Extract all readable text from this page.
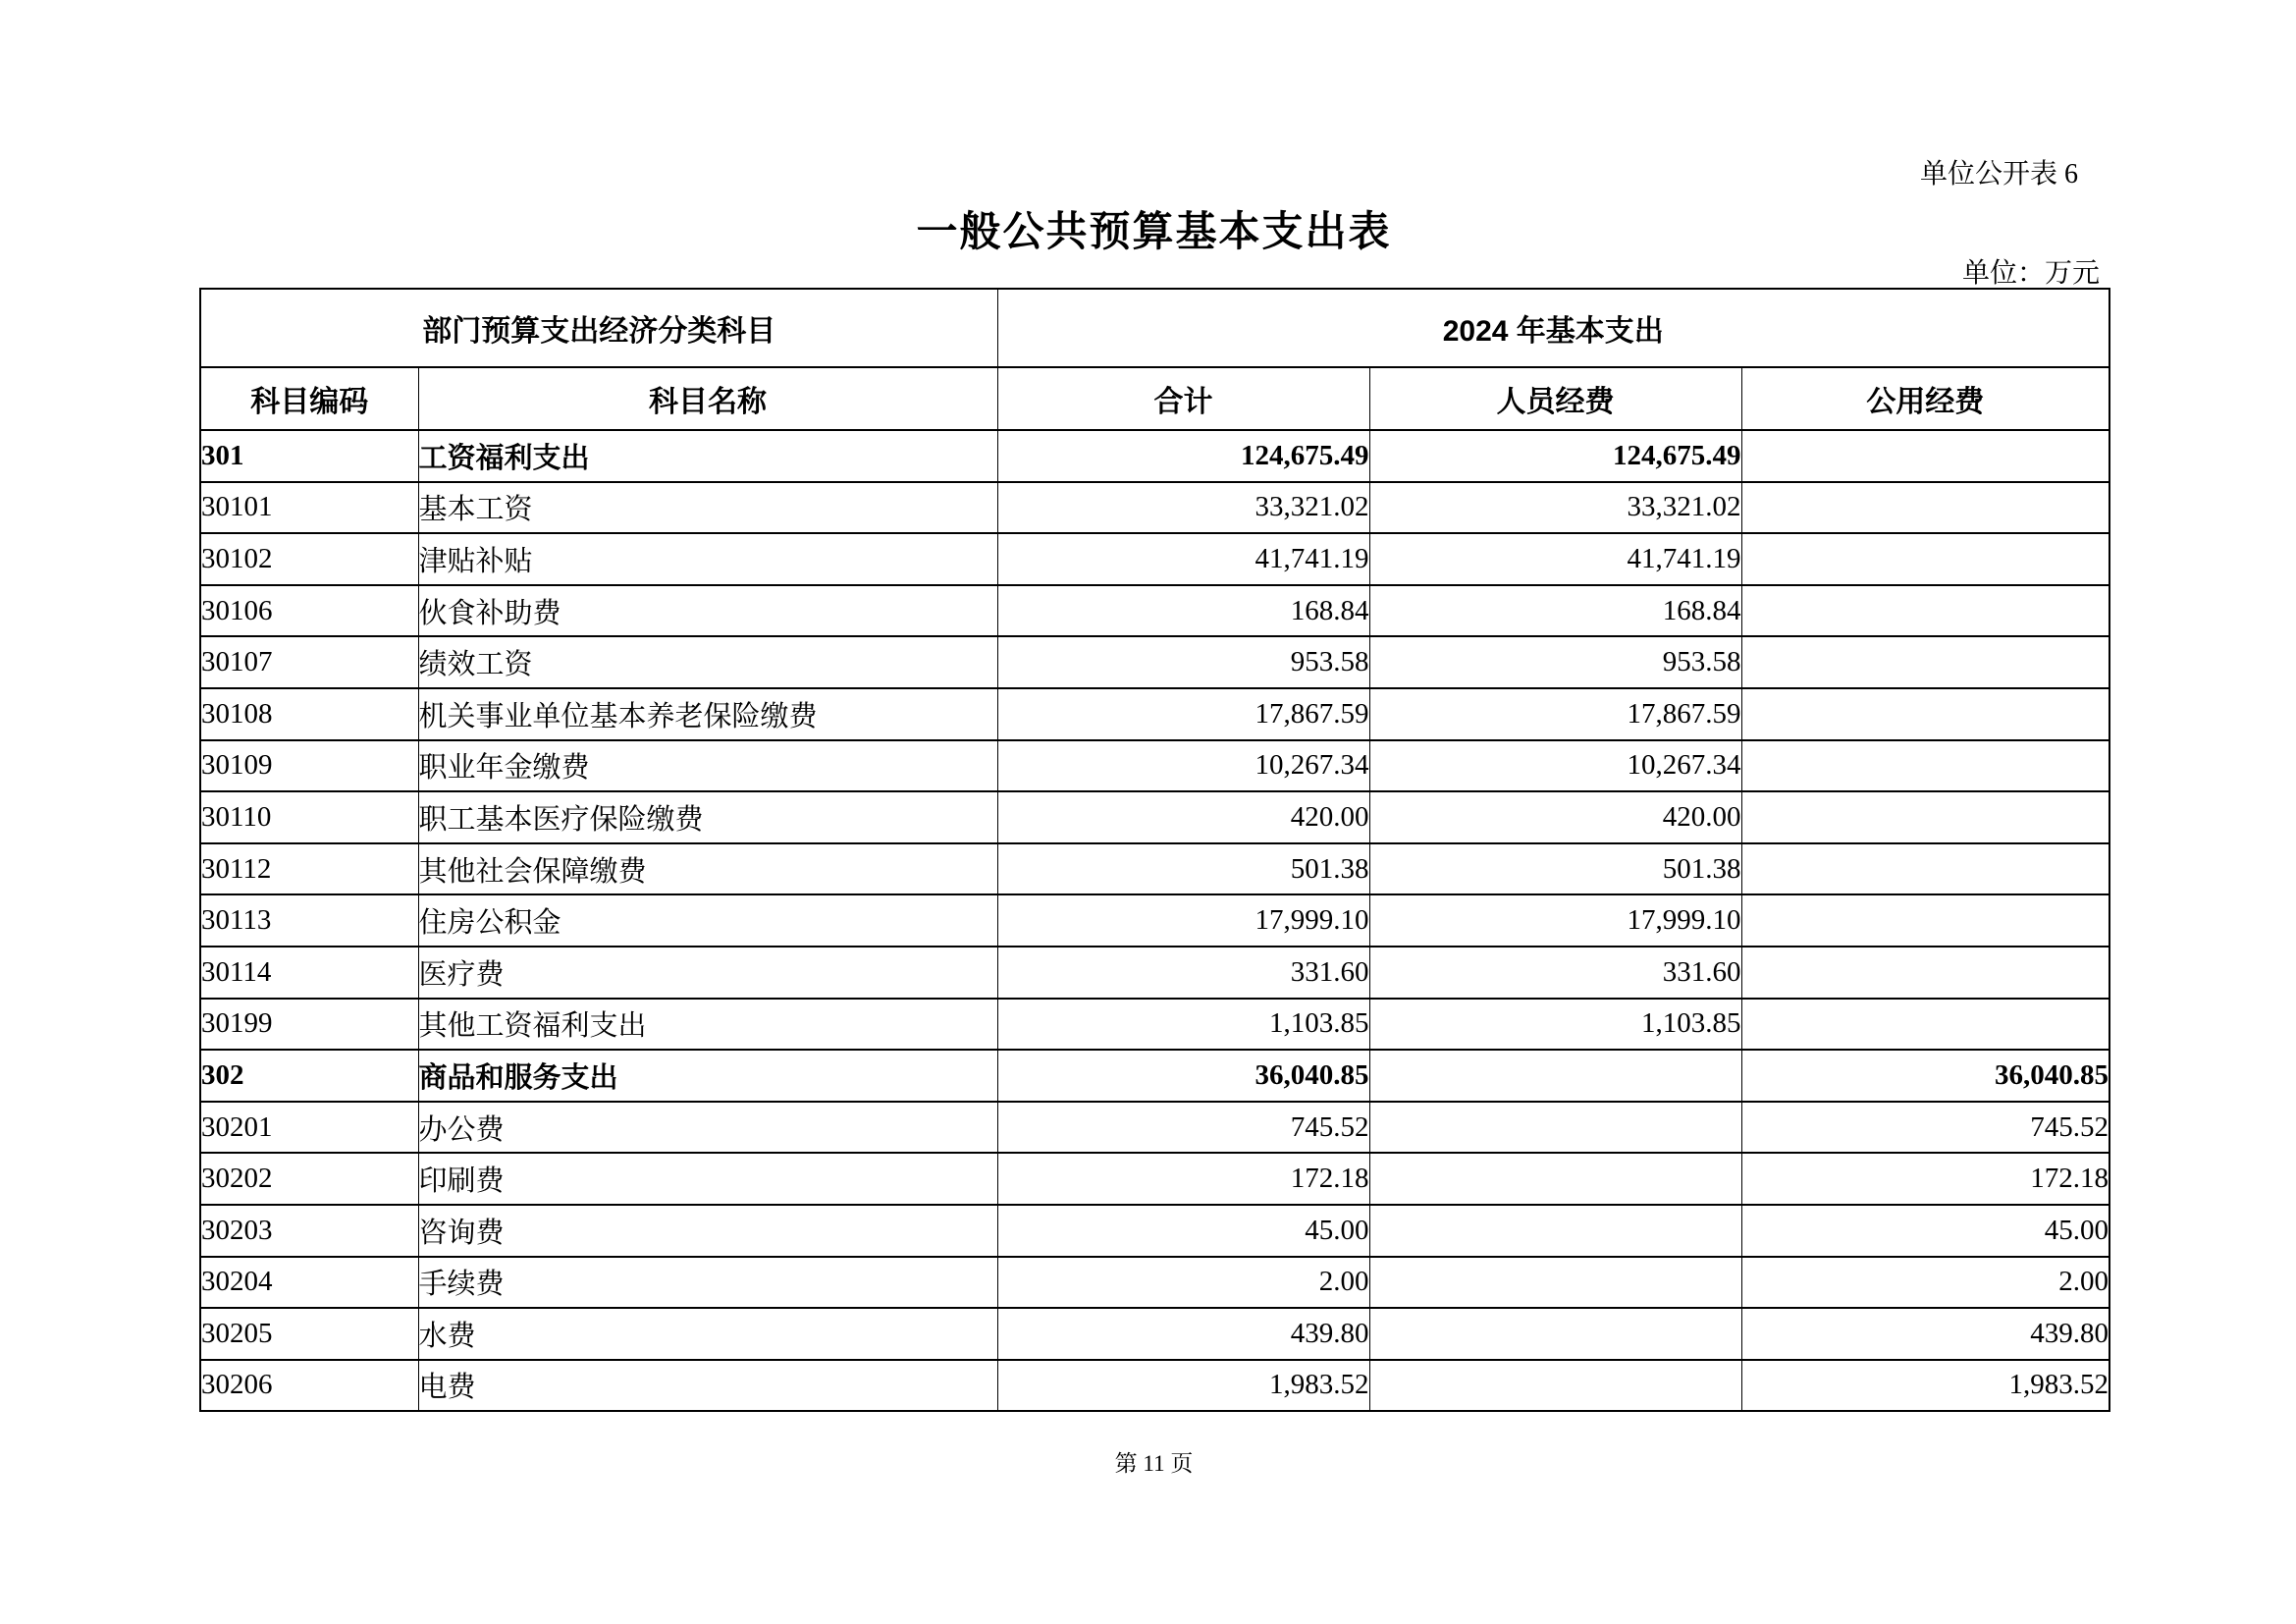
单位公开表 6
一般公共预算基本支出表
单位：万元
部门预算支出经济分类科目		2024 年基本支出		
科目编码	科目名称	合计	人员经费	公用经费
301	工资福利支出	124,675.49	124,675.49	
30101	基本工资	33,321.02	33,321.02	
30102	津贴补贴	41,741.19	41,741.19	
30106	伙食补助费	168.84	168.84	
30107	绩效工资	953.58	953.58	
30108	机关事业单位基本养老保险缴费	17,867.59	17,867.59	
30109	职业年金缴费	10,267.34	10,267.34	
30110	职工基本医疗保险缴费	420.00	420.00	
30112	其他社会保障缴费	501.38	501.38	
30113	住房公积金	17,999.10	17,999.10	
30114	医疗费	331.60	331.60	
30199	其他工资福利支出	1,103.85	1,103.85	
302	商品和服务支出	36,040.85		36,040.85
30201	办公费	745.52		745.52
30202	印刷费	172.18		172.18
30203	咨询费	45.00		45.00
30204	手续费	2.00		2.00
30205	水费	439.80		439.80
30206	电费	1,983.52		1,983.52
第 11 页
